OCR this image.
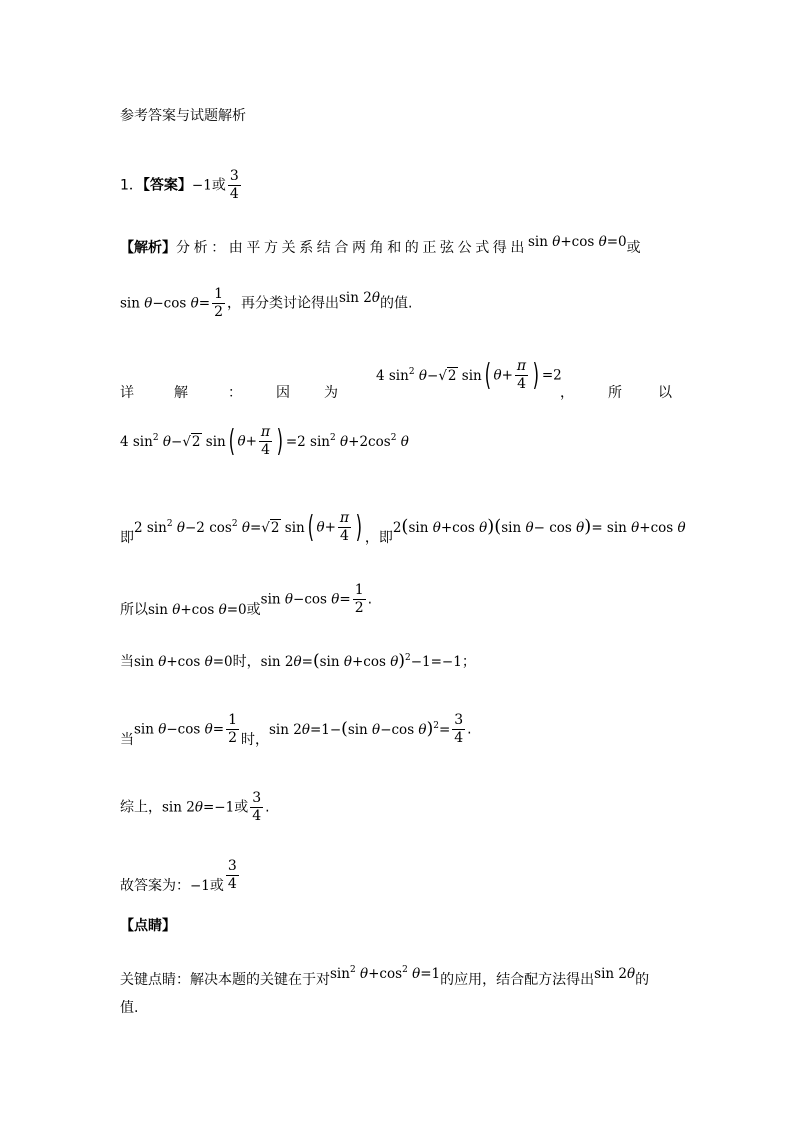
参考答案与试题解析
1．【答案】−1或 $\frac{3}{4}$
【解析】分析：由平方关系结合两角和的正弦公式得出sin θ+cos θ=0或
sin θ−cos $\theta= \frac{1}{2}$ ，再分类讨论得出sin 2θ的值.
详	解	： 因 为
4 $\sin^2 \theta-√2$ sin( $\theta+ \frac{\pi}{4}$ ) =2
， 所	以
4 $\sin^2 \theta-√2$ sin( $\theta+ \frac{\pi}{4}$ ) =2 $\sin^2 \theta+2\cos^2$ θ
即2 $\sin^2 \theta-2$ $\cos^2 \theta=√2$ sin( $\theta+ \frac{\pi}{4}$ ) ，即2(sin θ+cos θ)(sin θ− cos θ)= sin θ+cos θ
所以sin θ+cos θ=0或sin θ−cos $\theta= \frac{1}{2}$ .
当sin θ+cos θ=0时，sin 2θ=(sin θ+cos θ)$^2$−1=−1；
当sin θ−cos $\theta= \frac{1}{2}$ 时，sin 2θ=1−(sin θ−cos $\theta)^2= \frac{3}{4}$ .
综上，sin 2θ=−1或 $\frac{3}{4}$ .
故答案为：−1或 $\frac{3}{4}$
【点睛】
关键点睛：解决本题的关键在于对$\sin^2 \theta+\cos^2$ θ=1的应用，结合配方法得出sin 2θ的
值.
